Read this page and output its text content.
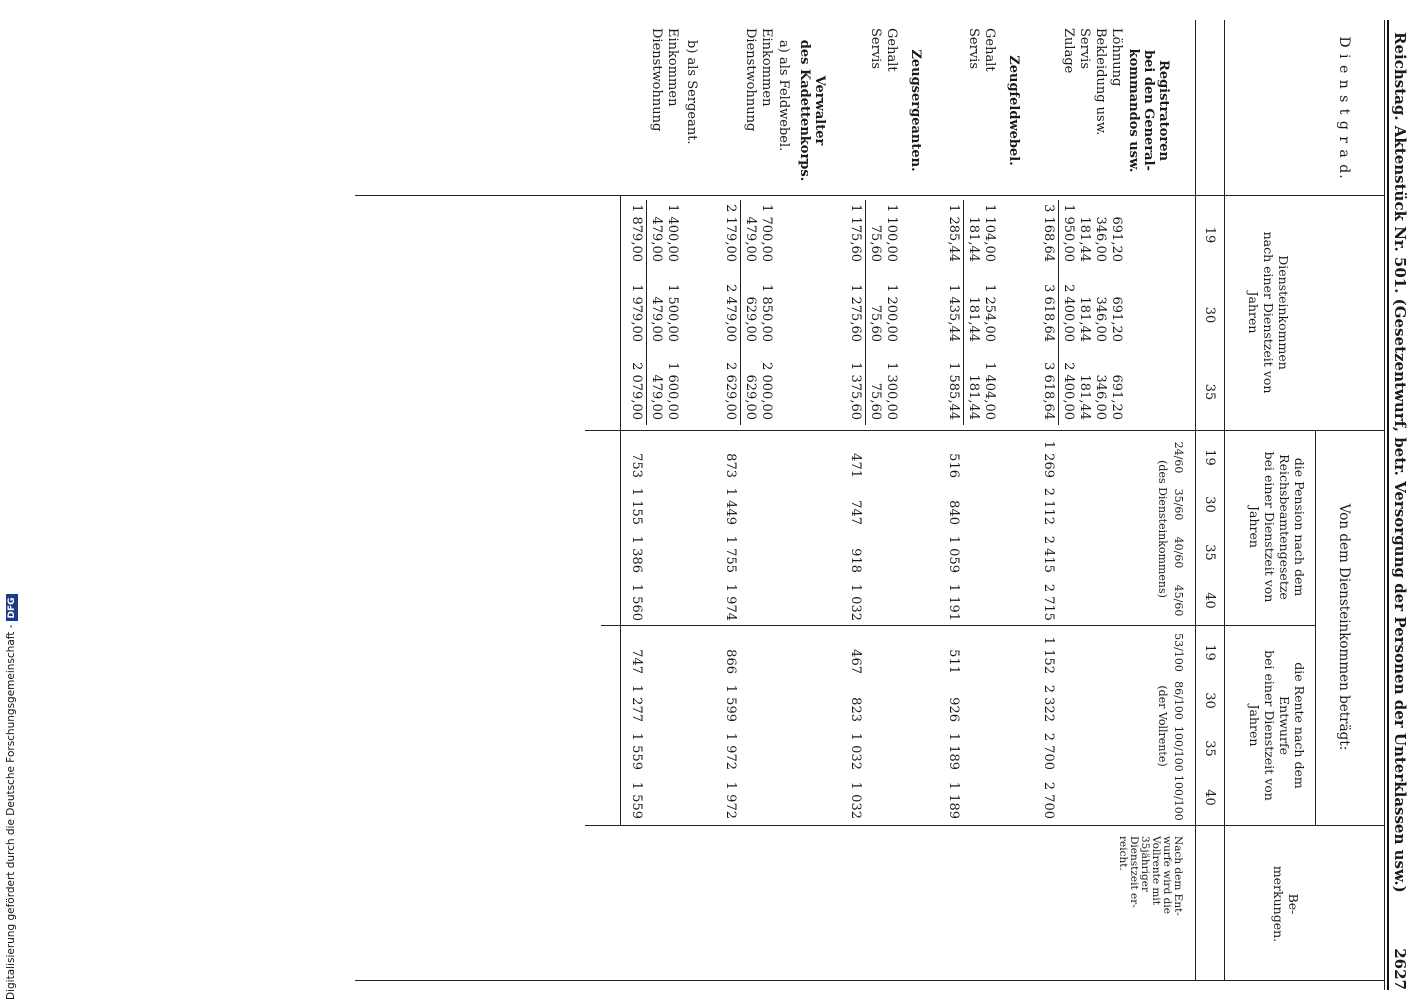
Reichstag. Aktenstück Nr. 501. (Gesetzentwurf, betr. Versorgung der Personen der Unterklassen usw.)
2627
D i e n s t g r a d.
Diensteinkommen
nach einer Dienstzeit von
Jahren
Von dem Diensteinkommen beträgt:
die Pension nach dem
Reichsbeamtengesetze
bei einer Dienstzeit von
Jahren
die Rente nach dem
Entwurfe
bei einer Dienstzeit von
Jahren
Be-
merkungen.
19
30
35
19
30
35
40
19
30
35
40
24/60
35/60
40/60
45/60
(des Diensteinkommens)
53/100
86/100
100/100
100/100
(der Vollrente)
Nach dem Ent-
wurfe wird die
Vollrente mit
35jähriger
Dienstzeit er-
reicht.
Registratoren
bei den General-
kommandos usw.
Löhnung
Bekleidung usw.
Servis
Zulage
691,20
691,20
691,20
346,00
346,00
346,00
181,44
181,44
181,44
1 950,00
2 400,00
2 400,00
3 168,64
3 618,64
3 618,64
1 269
2 112
2 415
2 715
1 152
2 322
2 700
2 700
Zeugfeldwebel.
Gehalt
Servis
1 104,00
1 254,00
1 404,00
181,44
181,44
181,44
1 285,44
1 435,44
1 585,44
516
840
1 059
1 191
511
926
1 189
1 189
Zeugsergeanten.
Gehalt
Servis
1 100,00
1 200,00
1 300,00
75,60
75,60
75,60
1 175,60
1 275,60
1 375,60
471
747
918
1 032
467
823
1 032
1 032
Verwalter
des Kadettenkorps.
a) als Feldwebel.
Einkommen
Dienstwohnung
1 700,00
1 850,00
2 000,00
479,00
629,00
629,00
2 179,00
2 479,00
2 629,00
873
1 449
1 755
1 974
866
1 599
1 972
1 972
b) als Sergeant.
Einkommen
Dienstwohnung
1 400,00
1 500,00
1 600,00
479,00
479,00
479,00
1 879,00
1 979,00
2 079,00
753
1 155
1 386
1 560
747
1 277
1 559
1 559
Digitalisierung gefördert durch die Deutsche Forschungsgemeinschaft -DFG
